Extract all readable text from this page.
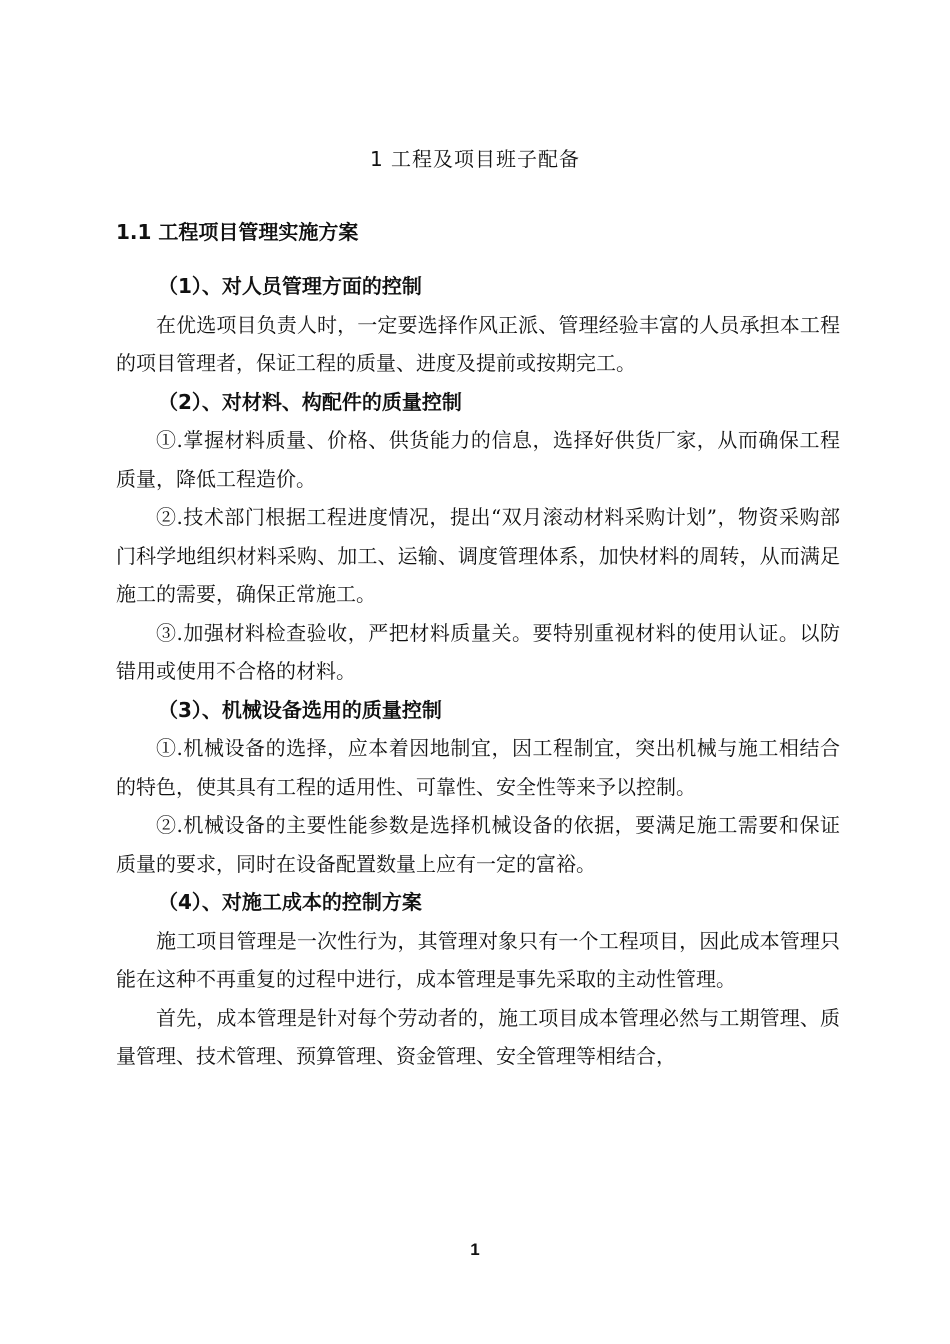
1 工程及项目班子配备
1.1 工程项目管理实施方案

（1）、对人员管理方面的控制

在优选项目负责人时，一定要选择作风正派、管理经验丰富的人员承担本工程的项目管理者，保证工程的质量、进度及提前或按期完工。

（2）、对材料、构配件的质量控制

①.掌握材料质量、价格、供货能力的信息，选择好供货厂家，从而确保工程质量，降低工程造价。

②.技术部门根据工程进度情况，提出“双月滚动材料采购计划”，物资采购部门科学地组织材料采购、加工、运输、调度管理体系，加快材料的周转，从而满足施工的需要，确保正常施工。

③.加强材料检查验收，严把材料质量关。要特别重视材料的使用认证。以防错用或使用不合格的材料。

（3）、机械设备选用的质量控制

①.机械设备的选择，应本着因地制宜，因工程制宜，突出机械与施工相结合的特色，使其具有工程的适用性、可靠性、安全性等来予以控制。

②.机械设备的主要性能参数是选择机械设备的依据，要满足施工需要和保证质量的要求，同时在设备配置数量上应有一定的富裕。

（4）、对施工成本的控制方案

施工项目管理是一次性行为，其管理对象只有一个工程项目，因此成本管理只能在这种不再重复的过程中进行，成本管理是事先采取的主动性管理。

首先，成本管理是针对每个劳动者的，施工项目成本管理必然与工期管理、质量管理、技术管理、预算管理、资金管理、安全管理等相结合，

1
